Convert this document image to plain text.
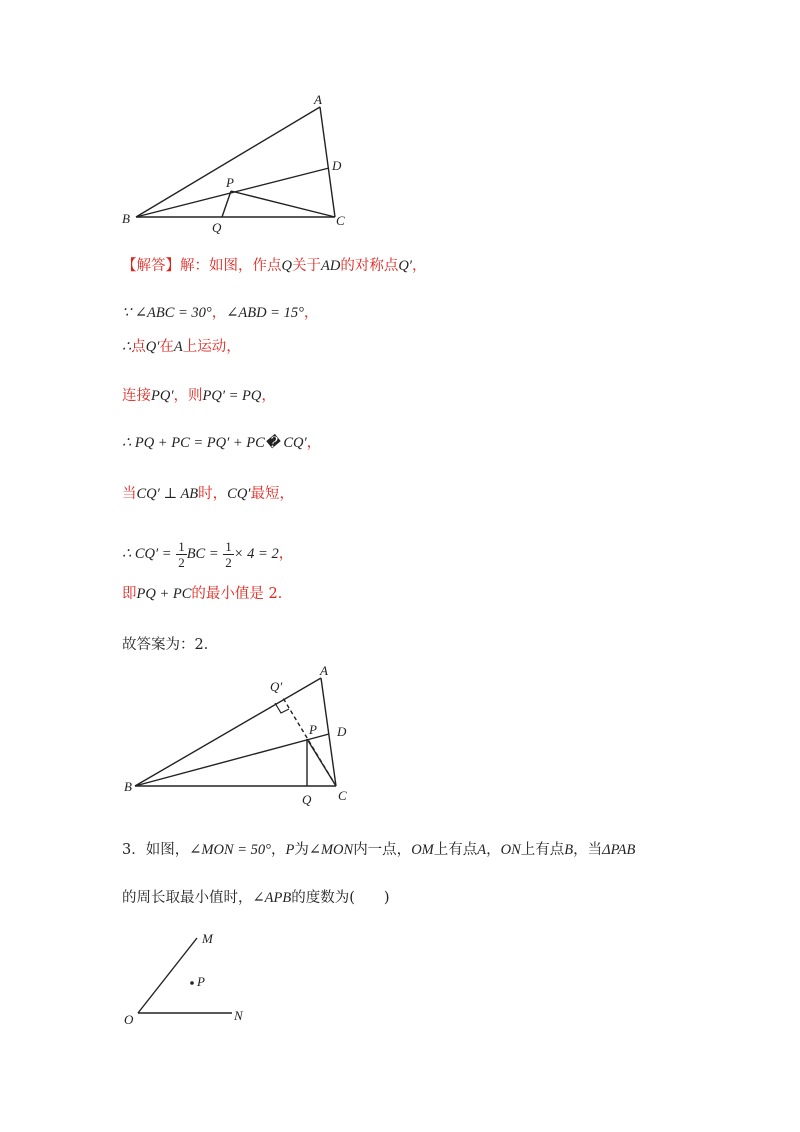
A
D
P
B	C
Q
【解答】解：如图，作点Q关于AD的对称点Q′，
∵ ∠ABC = 30°，∠ABD = 15°，
∴点Q′在A上运动，
连接PQ′，则PQ′ = PQ，
∴ PQ + PC = PQ′ + PC� CQ′，
当CQ′ ⊥ AB时，CQ′最短，
∴ $CQ' = \frac{1}{2}$ BC = $\frac{1}{2} \times 4 = 2$，
即PQ + PC的最小值是 2．
故答案为：2．
A
Q′
P D
B
Q C
3．如图，∠MON = 50°，P为∠MON内一点，OM上有点A，ON上有点B，当ΔPAB
的周长取最小值时，∠APB的度数为(　　)
M
P
O	N
